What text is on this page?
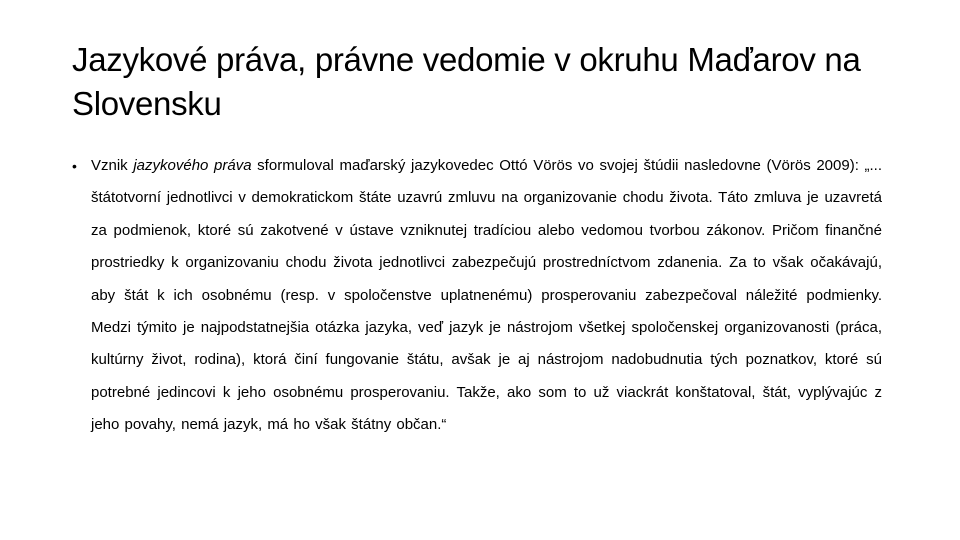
Jazykové práva, právne vedomie v okruhu Maďarov na Slovensku
• Vznik jazykového práva sformuloval maďarský jazykovedec Ottó Vörös vo svojej štúdii nasledovne (Vörös 2009): „... štátotvorní jednotlivci v demokratickom štáte uzavrú zmluvu na organizovanie chodu života. Táto zmluva je uzavretá za podmienok, ktoré sú zakotvené v ústave vzniknutej tradíciou alebo vedomou tvorbou zákonov. Pričom finančné prostriedky k organizovaniu chodu života jednotlivci zabezpečujú prostredníctvom zdanenia. Za to však očakávajú, aby štát k ich osobnému (resp. v spoločenstve uplatnenému) prosperovaniu zabezpečoval náležité podmienky. Medzi týmito je najpodstatnejšia otázka jazyka, veď jazyk je nástrojom všetkej spoločenskej organizovanosti (práca, kultúrny život, rodina), ktorá činí fungovanie štátu, avšak je aj nástrojom nadobudnutia tých poznatkov, ktoré sú potrebné jedincovi k jeho osobnému prosperovaniu. Takže, ako som to už viackrát konštatoval, štát, vyplývajúc z jeho povahy, nemá jazyk, má ho však štátny občan.“
